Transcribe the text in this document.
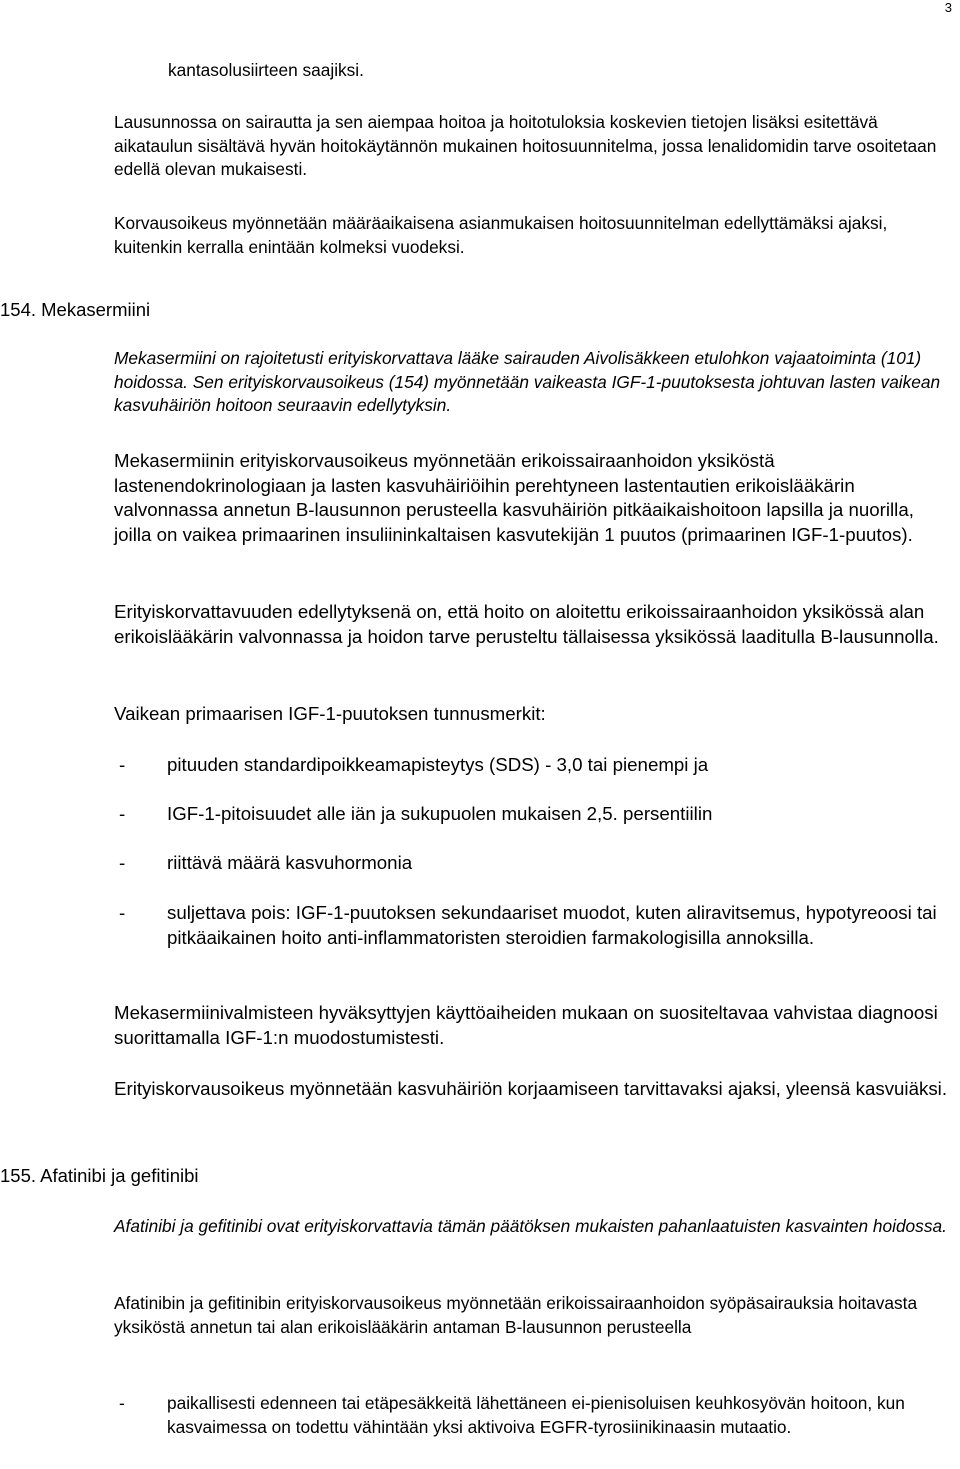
3

kantasolusiirteen saajiksi.

Lausunnossa on sairautta ja sen aiempaa hoitoa ja hoitotuloksia koskevien tietojen lisäksi esitettävä aikataulun sisältävä hyvän hoitokäytännön mukainen hoitosuunnitelma, jossa lenalidomidin tarve osoitetaan edellä olevan mukaisesti.

Korvausoikeus myönnetään määräaikaisena asianmukaisen hoitosuunnitelman edellyttämäksi ajaksi, kuitenkin kerralla enintään kolmeksi vuodeksi.

154. Mekasermiini

Mekasermiini on rajoitetusti erityiskorvattava lääke sairauden Aivolisäkkeen etulohkon vajaatoiminta (101) hoidossa. Sen erityiskorvausoikeus (154) myönnetään vaikeasta IGF-1-puutoksesta johtuvan lasten vaikean kasvuhäiriön hoitoon seuraavin edellytyksin.

Mekasermiinin erityiskorvausoikeus myönnetään erikoissairaanhoidon yksiköstä lastenendokrinologiaan ja lasten kasvuhäiriöihin perehtyneen lastentautien erikoislääkärin valvonnassa annetun B-lausunnon perusteella kasvuhäiriön pitkäaikaishoitoon lapsilla ja nuorilla, joilla on vaikea primaarinen insuliininkaltaisen kasvutekijän 1 puutos (primaarinen IGF-1-puutos).

Erityiskorvattavuuden edellytyksenä on, että hoito on aloitettu erikoissairaanhoidon yksikössä alan erikoislääkärin valvonnassa ja hoidon tarve perusteltu tällaisessa yksikössä laaditulla B-lausunnolla.

Vaikean primaarisen IGF-1-puutoksen tunnusmerkit:

- pituuden standardipoikkeamapisteytys (SDS) - 3,0 tai pienempi ja
- IGF-1-pitoisuudet alle iän ja sukupuolen mukaisen 2,5. persentiilin
- riittävä määrä kasvuhormonia
- suljettava pois: IGF-1-puutoksen sekundaariset muodot, kuten aliravitsemus, hypotyreoosi tai pitkäaikainen hoito anti-inflammatoristen steroidien farmakologisilla annoksilla.

Mekasermiinivalmisteen hyväksyttyjen käyttöaiheiden mukaan on suositeltavaa vahvistaa diagnoosi suorittamalla IGF-1:n muodostumistesti.

Erityiskorvausoikeus myönnetään kasvuhäiriön korjaamiseen tarvittavaksi ajaksi, yleensä kasvuiäksi.

155. Afatinibi ja gefitinibi

Afatinibi ja gefitinibi ovat erityiskorvattavia tämän päätöksen mukaisten pahanlaatuisten kasvainten hoidossa.

Afatinibin ja gefitinibin erityiskorvausoikeus myönnetään erikoissairaanhoidon syöpäsairauksia hoitavasta yksiköstä annetun tai alan erikoislääkärin antaman B-lausunnon perusteella

- paikallisesti edenneen tai etäpesäkkeitä lähettäneen ei-pienisoluisen keuhkosyövän hoitoon, kun kasvaimessa on todettu vähintään yksi aktivoiva EGFR-tyrosiinikinaasin mutaatio.
